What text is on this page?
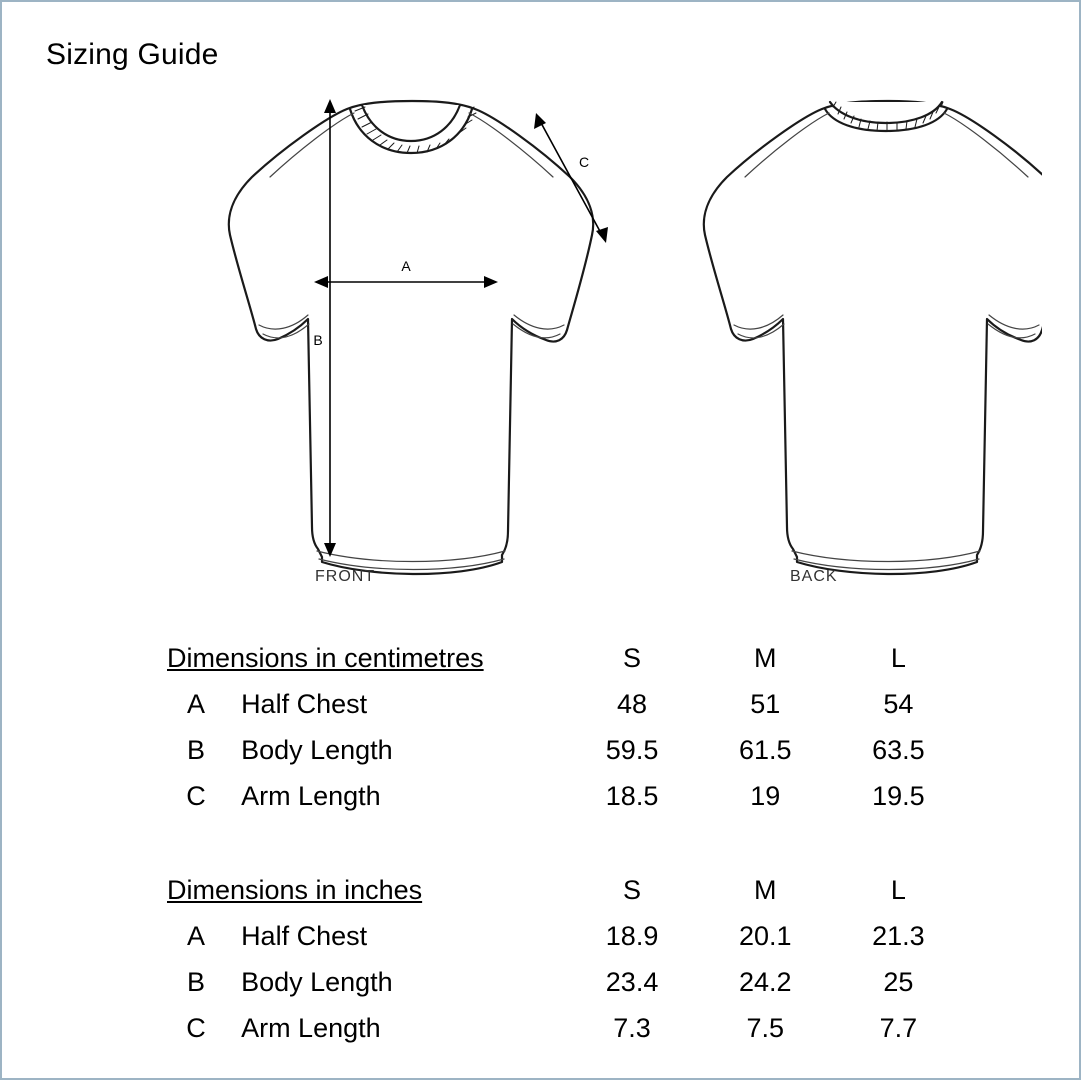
Sizing Guide
A
B
C
FRONT	BACK
Dimensions in centimetres		S	M	L
A	Half Chest	48	51	54
B	Body Length	59.5	61.5	63.5
C	Arm Length	18.5	19	19.5
Dimensions in inches		S	M	L
A	Half Chest	18.9	20.1	21.3
B	Body Length	23.4	24.2	25
C	Arm Length	7.3	7.5	7.7
